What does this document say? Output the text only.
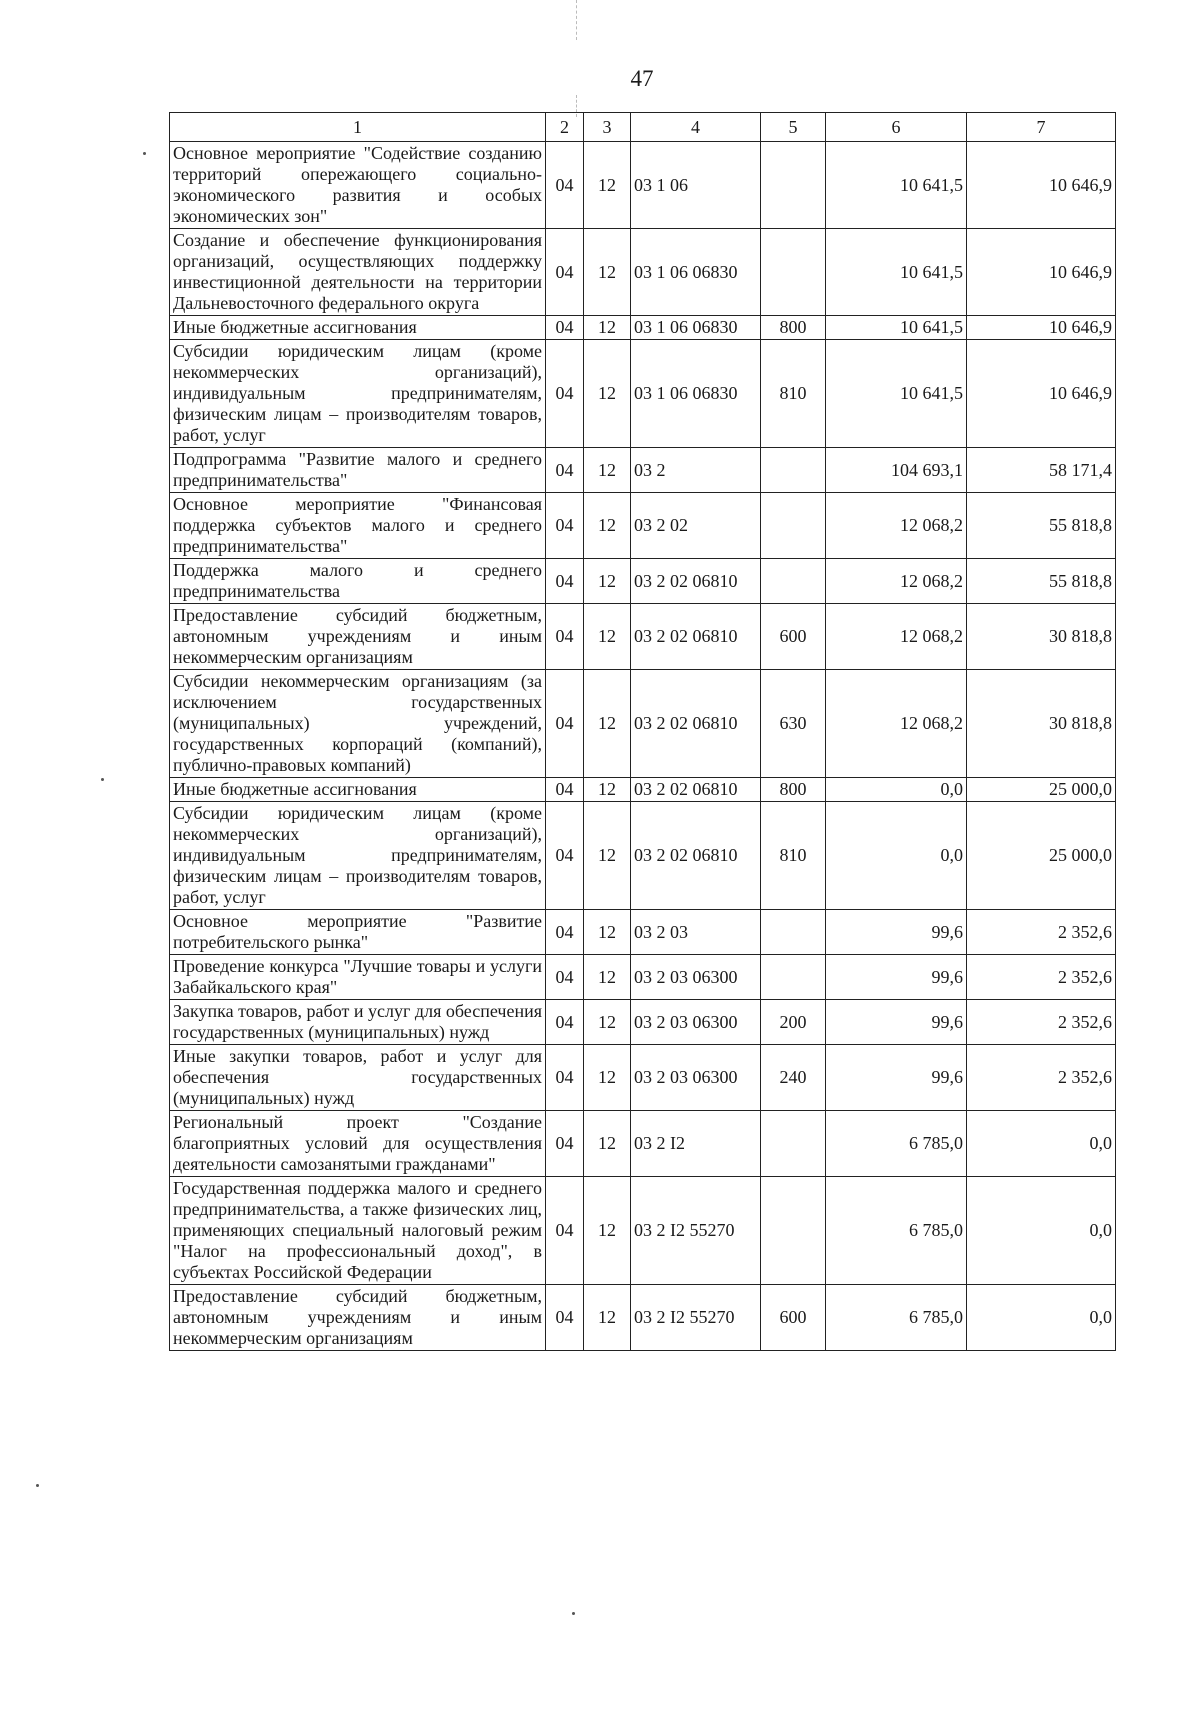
47
1	2	3	4	5	6	7
Основное мероприятие "Содействие созданию территорий опережающего социально-экономического развития и особых экономических зон"	04	12	03 1 06		10 641,5	10 646,9
Создание и обеспечение функционирования организаций, осуществляющих поддержку инвестиционной деятельности на территории Дальневосточного федерального округа	04	12	03 1 06 06830		10 641,5	10 646,9
Иные бюджетные ассигнования	04	12	03 1 06 06830	800	10 641,5	10 646,9
Субсидии юридическим лицам (кроме некоммерческих организаций), индивидуальным предпринимателям, физическим лицам – производителям товаров, работ, услуг	04	12	03 1 06 06830	810	10 641,5	10 646,9
Подпрограмма "Развитие малого и среднего предпринимательства"	04	12	03 2		104 693,1	58 171,4
Основное мероприятие "Финансовая поддержка субъектов малого и среднего предпринимательства"	04	12	03 2 02		12 068,2	55 818,8
Поддержка малого и среднего предпринимательства	04	12	03 2 02 06810		12 068,2	55 818,8
Предоставление субсидий бюджетным, автономным учреждениям и иным некоммерческим организациям	04	12	03 2 02 06810	600	12 068,2	30 818,8
Субсидии некоммерческим организациям (за исключением государственных (муниципальных) учреждений, государственных корпораций (компаний), публично-правовых компаний)	04	12	03 2 02 06810	630	12 068,2	30 818,8
Иные бюджетные ассигнования	04	12	03 2 02 06810	800	0,0	25 000,0
Субсидии юридическим лицам (кроме некоммерческих организаций), индивидуальным предпринимателям, физическим лицам – производителям товаров, работ, услуг	04	12	03 2 02 06810	810	0,0	25 000,0
Основное мероприятие "Развитие потребительского рынка"	04	12	03 2 03		99,6	2 352,6
Проведение конкурса "Лучшие товары и услуги Забайкальского края"	04	12	03 2 03 06300		99,6	2 352,6
Закупка товаров, работ и услуг для обеспечения государственных (муниципальных) нужд	04	12	03 2 03 06300	200	99,6	2 352,6
Иные закупки товаров, работ и услуг для обеспечения государственных (муниципальных) нужд	04	12	03 2 03 06300	240	99,6	2 352,6
Региональный проект "Создание благоприятных условий для осуществления деятельности самозанятыми гражданами"	04	12	03 2 I2		6 785,0	0,0
Государственная поддержка малого и среднего предпринимательства, а также физических лиц, применяющих специальный налоговый режим "Налог на профессиональный доход", в субъектах Российской Федерации	04	12	03 2 I2 55270		6 785,0	0,0
Предоставление субсидий бюджетным, автономным учреждениям и иным некоммерческим организациям	04	12	03 2 I2 55270	600	6 785,0	0,0
